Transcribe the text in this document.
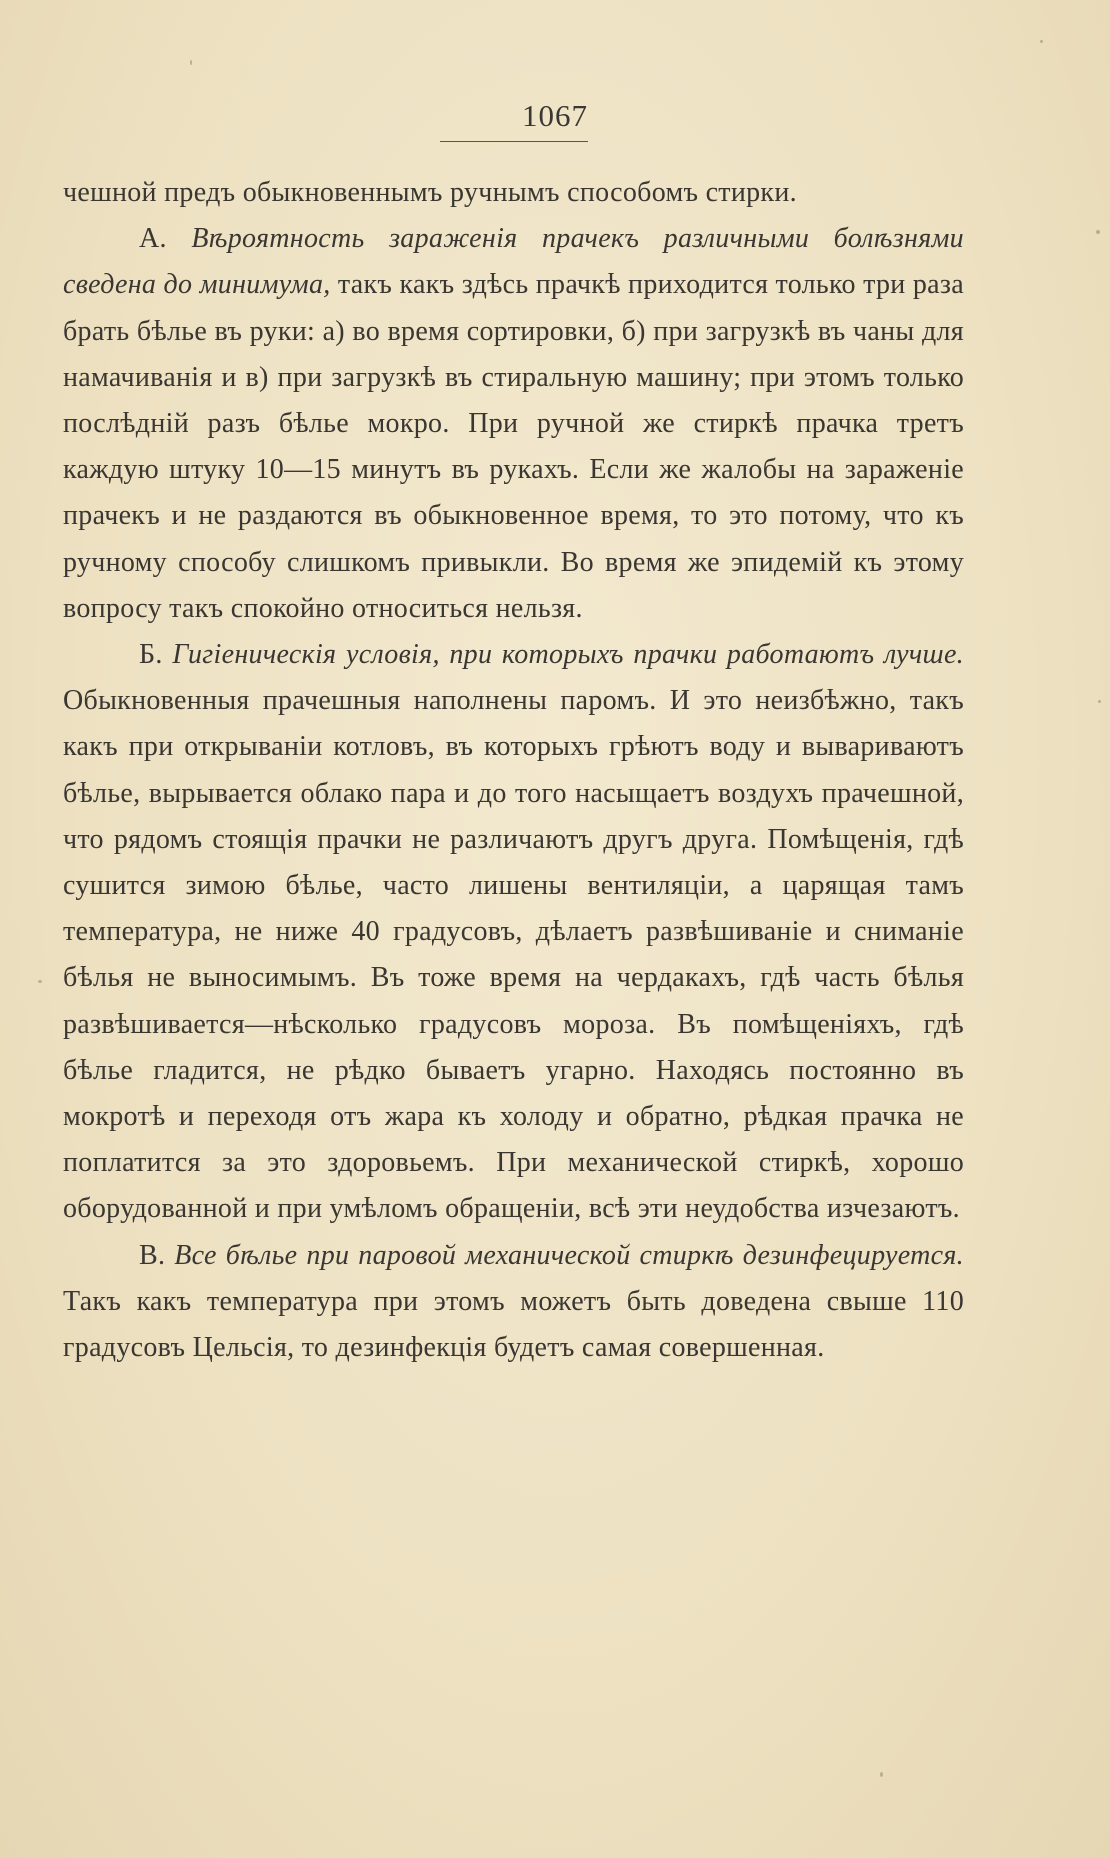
1067

чешной предъ обыкновеннымъ ручнымъ способомъ стирки.

А. Вѣроятность зараженія прачекъ различными болѣзнями сведена до минимума, такъ какъ здѣсь прачкѣ приходится только три раза брать бѣлье въ руки: а) во время сортировки, б) при загрузкѣ въ чаны для намачиванія и в) при загрузкѣ въ стиральную машину; при этомъ только послѣдній разъ бѣлье мокро. При ручной же стиркѣ прачка третъ каждую штуку 10—15 минутъ въ рукахъ. Если же жалобы на зараженіе прачекъ и не раздаются въ обыкновенное время, то это потому, что къ ручному способу слишкомъ привыкли. Во время же эпидемій къ этому вопросу такъ спокойно относиться нельзя.

Б. Гигіеническія условія, при которыхъ прачки работаютъ лучше. Обыкновенныя прачешныя наполнены паромъ. И это неизбѣжно, такъ какъ при открываніи котловъ, въ которыхъ грѣютъ воду и вывариваютъ бѣлье, вырывается облако пара и до того насыщаетъ воздухъ прачешной, что рядомъ стоящія прачки не различаютъ другъ друга. Помѣщенія, гдѣ сушится зимою бѣлье, часто лишены вентиляціи, а царящая тамъ температура, не ниже 40 градусовъ, дѣлаетъ развѣшиваніе и сниманіе бѣлья не выносимымъ. Въ тоже время на чердакахъ, гдѣ часть бѣлья развѣшивается—нѣсколько градусовъ мороза. Въ помѣщеніяхъ, гдѣ бѣлье гладится, не рѣдко бываетъ угарно. Находясь постоянно въ мокротѣ и переходя отъ жара къ холоду и обратно, рѣдкая прачка не поплатится за это здоровьемъ. При механической стиркѣ, хорошо оборудованной и при умѣломъ обращеніи, всѣ эти неудобства изчезаютъ.

В. Все бѣлье при паровой механической стиркѣ дезинфецируется. Такъ какъ температура при этомъ можетъ быть доведена свыше 110 градусовъ Цельсія, то дезинфекція будетъ самая совершенная.
